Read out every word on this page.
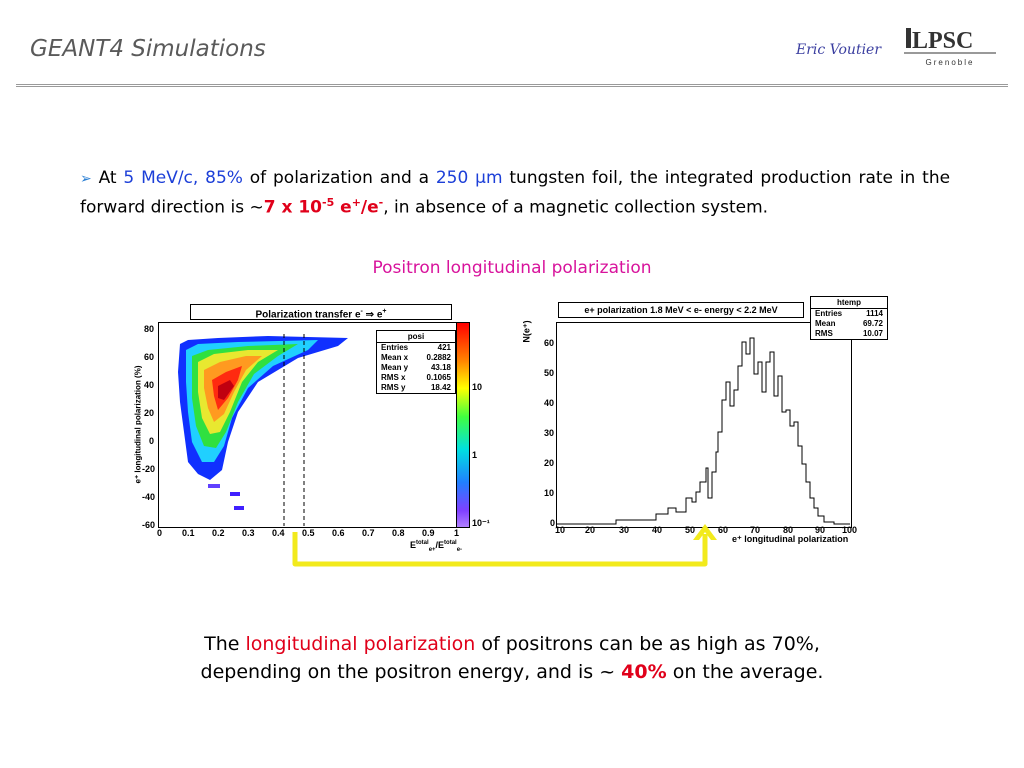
GEANT4 Simulations	Eric Voutier LPSC
Grenoble
➢ At 5 MeV/c, 85% of polarization and a 250 μm tungsten foil, the integrated production rate in the forward direction is ~7 x $10^{-5}$ e+/e-, in absence of a magnetic collection system.
Positron longitudinal polarization
Polarization transfer e- ⇒ e+
posi
Entries	421
Mean x 0.2882
Mean y	43.18
RMS x	0.1065
RMS y	18.42 10
1
10⁻¹
80
60
40
20
0
-20
-40
-60
0 0.1 0.2 0.3 0.4 0.5 0.6 0.7 0.8 0.9 1
$E^{total}_{e+}/E^{total}_{e-}$
e⁺ longitudinal polarization (%)
e+ polarization 1.8 MeV < e- energy < 2.2 MeV
htemp
Entries	1114
Mean	69.72
RMS	10.07
60
50
40
30
20
10
0
10 20	30	40	50	60 70	80 90 100
e⁺ longitudinal polarization
N(e⁺)
The longitudinal polarization of positrons can be as high as 70%,
depending on the positron energy, and is ~ 40% on the average.
